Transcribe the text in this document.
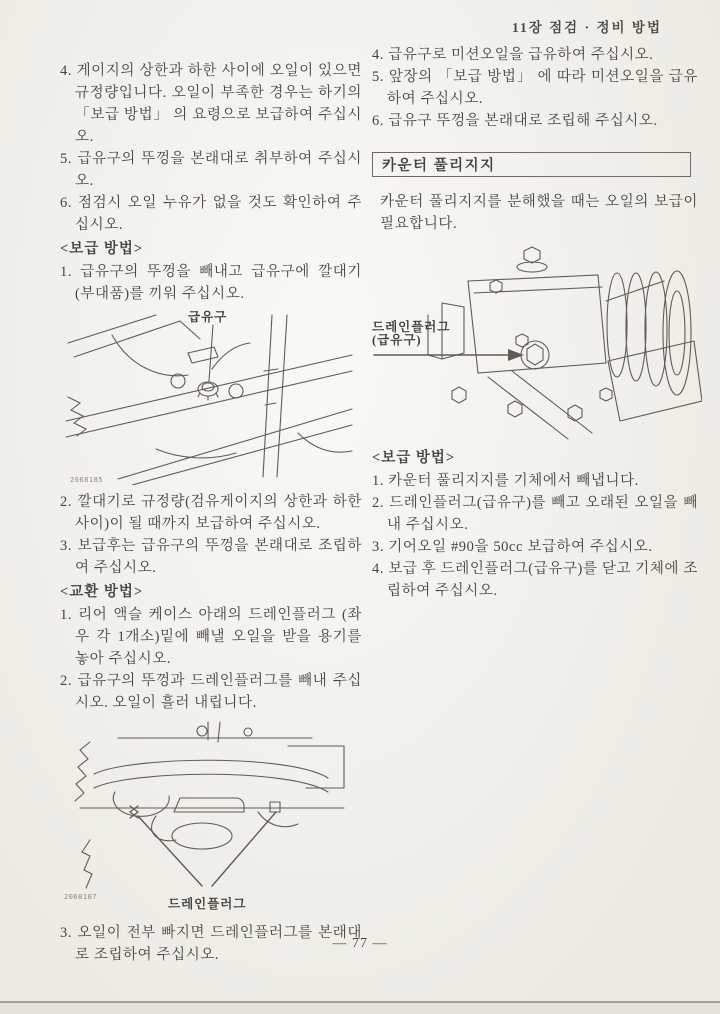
11장 점검 · 정비 방법

4. 게이지의 상한과 하한 사이에 오일이 있으면 규정량입니다. 오일이 부족한 경우는 하기의 「보급 방법」 의 요령으로 보급하여 주십시오.

5. 급유구의 뚜껑을 본래대로 취부하여 주십시오.

6. 점검시 오일 누유가 없을 것도 확인하여 주십시오.

<보급 방법>

1. 급유구의 뚜껑을 빼내고 급유구에 깔대기 (부대품)를 끼워 주십시오.

급유구
2068185

2. 깔대기로 규정량(검유게이지의 상한과 하한 사이)이 될 때까지 보급하여 주십시오.

3. 보급후는 급유구의 뚜껑을 본래대로 조립하여 주십시오.

<교환 방법>

1. 리어 액슬 케이스 아래의 드레인플러그 (좌우 각 1개소)밑에 빼낼 오일을 받을 용기를 놓아 주십시오.

2. 급유구의 뚜껑과 드레인플러그를 빼내 주십시오. 오일이 흘러 내립니다.

드레인플러그
2068187

3. 오일이 전부 빠지면 드레인플러그를 본래대로 조립하여 주십시오.

4. 급유구로 미션오일을 급유하여 주십시오.

5. 앞장의 「보급 방법」 에 따라 미션오일을 급유하여 주십시오.

6. 급유구 뚜껑을 본래대로 조립해 주십시오.

카운터 풀리지지

카운터 풀리지지를 분해했을 때는 오일의 보급이 필요합니다.

드레인플러그
(급유구)

<보급 방법>

1. 카운터 풀리지지를 기체에서 빼냅니다.

2. 드레인플러그(급유구)를 빼고 오래된 오일을 빼내 주십시오.

3. 기어오일 #90을 50cc 보급하여 주십시오.

4. 보급 후 드레인플러그(급유구)를 닫고 기체에 조립하여 주십시오.

— 77 —
